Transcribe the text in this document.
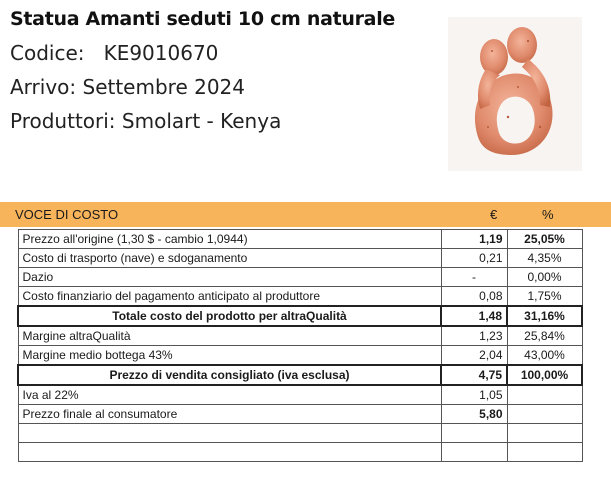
Statua Amanti seduti 10 cm naturale
Codice:   KE9010670
Arrivo: Settembre 2024
Produttori: Smolart - Kenya
VOCE DI COSTO	€	%
Prezzo all'origine (1,30 $ - cambio 1,0944)	1,19	25,05%
Costo di trasporto (nave) e sdoganamento	0,21	4,35%
Dazio	-	0,00%
Costo finanziario del pagamento anticipato al produttore	0,08	1,75%
Totale costo del prodotto per altraQualità	1,48	31,16%
Margine altraQualità	1,23	25,84%
Margine medio bottega 43%	2,04	43,00%
Prezzo di vendita consigliato (iva esclusa)	4,75	100,00%
Iva al 22%	1,05	
Prezzo finale al consumatore	5,80	
